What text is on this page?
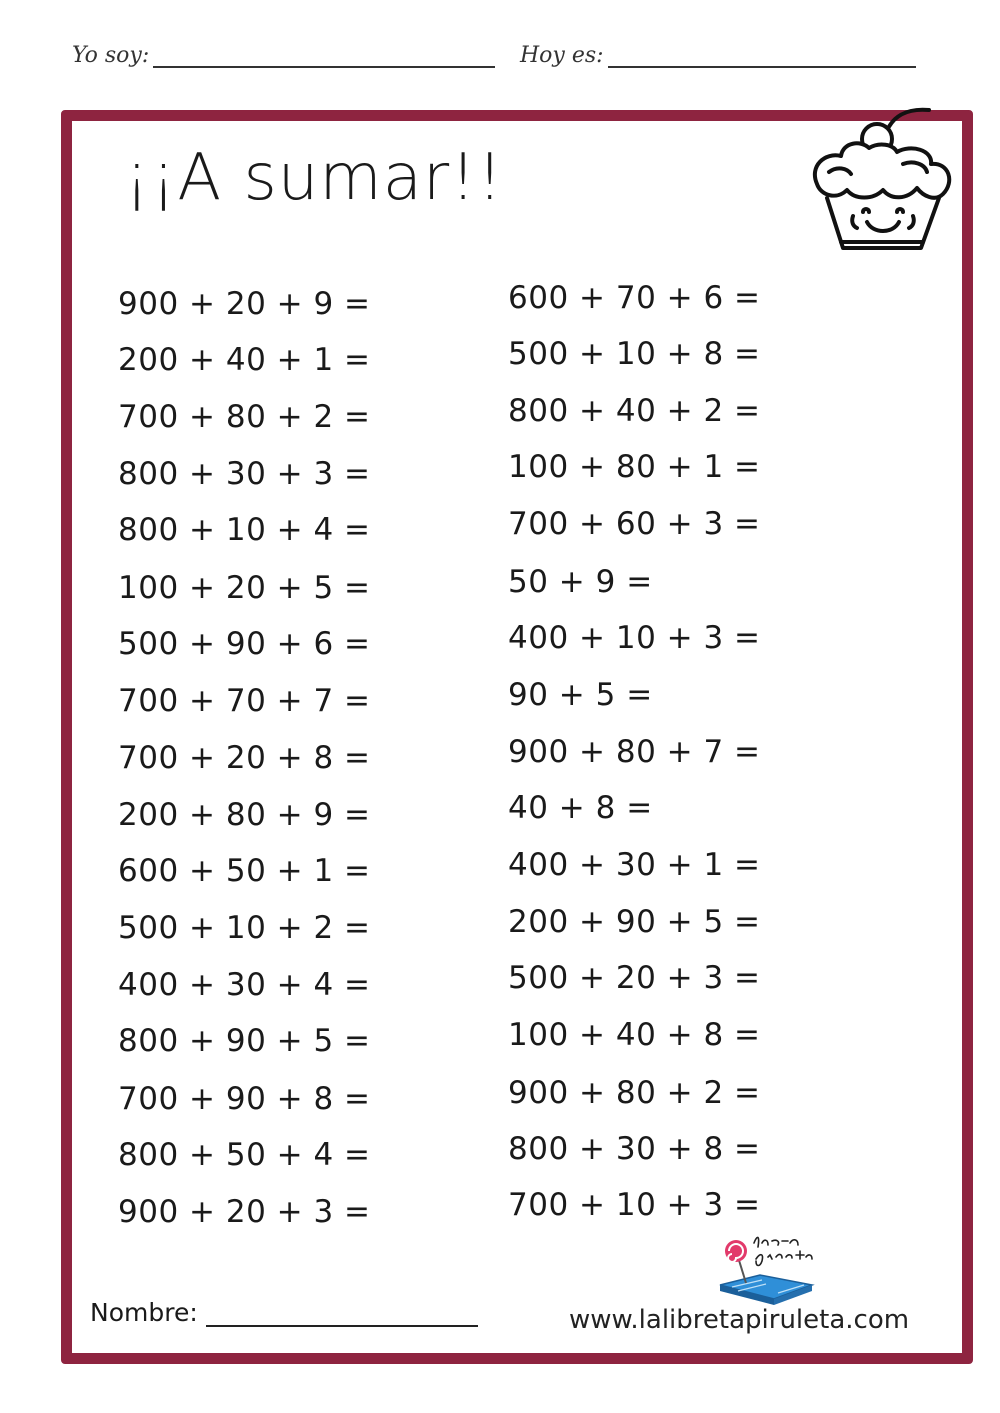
Yo soy:	Hoy es:
¡¡A sumar!!
900 + 20 + 9 =
200 + 40 + 1 =
700 + 80 + 2 =
800 + 30 + 3 =
800 + 10 + 4 =
100 + 20 + 5 =
500 + 90 + 6 =
700 + 70 + 7 =
700 + 20 + 8 =
200 + 80 + 9 =
600 + 50 + 1 =
500 + 10 + 2 =
400 + 30 + 4 =
800 + 90 + 5 =
700 + 90 + 8 =
800 + 50 + 4 =
900 + 20 + 3 =
600 + 70 + 6 =
500 + 10 + 8 =
800 + 40 + 2 =
100 + 80 + 1 =
700 + 60 + 3 =
50 + 9 =
400 + 10 + 3 =
90 + 5 =
900 + 80 + 7 =
40 + 8 =
400 + 30 + 1 =
200 + 90 + 5 =
500 + 20 + 3 =
100 + 40 + 8 =
900 + 80 + 2 =
800 + 30 + 8 =
700 + 10 + 3 =
Nombre:	www.lalibretapiruleta.com
